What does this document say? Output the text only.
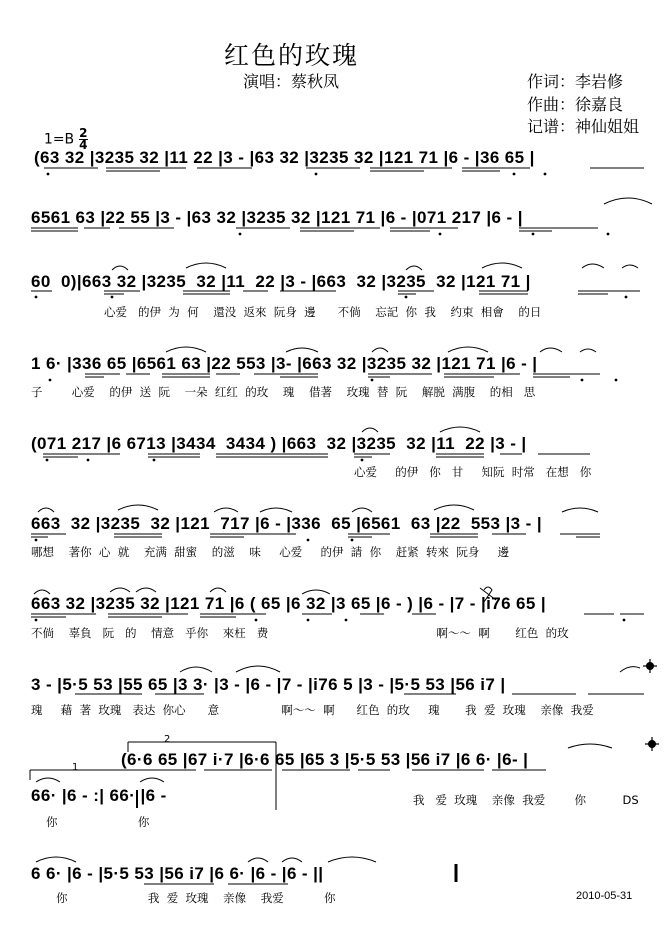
红色的玫瑰
演唱：蔡秋凤	作词：李岩修
作曲：徐嘉良
记谱：神仙姐姐

$1=B \frac{2}{4}$

(63 32 |3235 32 |11 22 |3 - |63 32 |3235 32 |121 71 |6 - |36 65 |
6561 63 |22 55 |3 - |63 32 |3235 32 |121 71 |6 - |071 217 |6 - |
60  0)|663 32 |3235  32 |11  22 |3 - |663  32 |3235  32 |121 71 |
心爱   的伊  为  何    還没  返來  阮身  邊      不倘    忘記  你  我    约束  相會    的日
1 6· |336 65 |6561 63 |22 553 |3- |663 32 |3235 32 |121 71 |6 - |
子        心爱    的伊  送  阮    一朵  红红  的玫    瑰    借著    玫瑰  替  阮    解脱  满腹    的相   思
(071 217 |6 6713 |3434  3434 ) |663  32 |3235  32 |11  22 |3 - |
心爱     的伊   你   甘     知阮  时常   在想   你
663  32 |3235  32 |121  717 |6 - |336  65 |6561  63 |22  553 |3 - |
哪想    著你  心  就    充满  甜蜜    的滋    味     心爱     的伊  請  你    赶紧  转來  阮身     邊
663 32 |3235 32 |121 71 |6 ( 65 |6 32 |3 65 |6 - ) |6 - |7 - |i76 65 |
不倘    辜負   阮   的    情意   乎你    來枉   费                                              啊～～  啊       红色  的玫
3 - |5·5 53 |55 65 |3 3· |3 - |6 - |7 - |i76 5 |3 - |5·5 53 |56 i7 |
瑰     藉  著  玫瑰   表达  你心      意                 啊～～  啊      红色  的玫     瑰       我  爱  玫瑰    亲像  我爱
(6·6 65 |67 i·7 |6·6 65 |65 3 |5·5 53 |56 i7 |6 6· |6- |
我   爱  玫瑰    亲像  我爱        你          DS
66· |6 - :| 66· |6 -
你                      你
6 6· |6 - |5·5 53 |56 i7 |6 6· |6 - |6 - ||
你                      我  爱  玫瑰    亲像    我爱           你
2
1
2010-05-31
